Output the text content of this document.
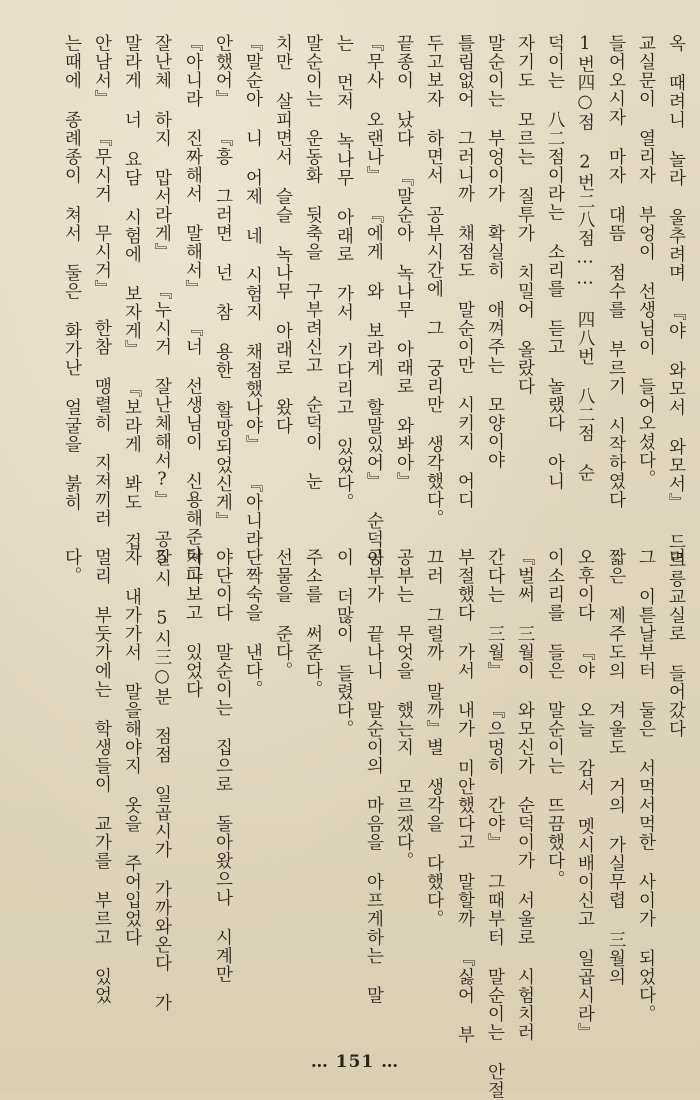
옥 때려니 놀라 울추려며 『야 와모서 와모서』 드르릉
교실문이 열리자 부엉이 선생님이 들어오셨다。
들어오시자 마자 대뜸 점수를 부르기 시작하였다
1번四○점 2번二八점…… 四八번 八二점 순
덕이는 八二점이라는 소리를 듣고 놀랬다 아니
자기도 모르는 질투가 치밀어 올랐다
말순이는 부엉이가 확실히 애껴주는 모양이야
틀림없어 그러니까 채점도 말순이만 시키지 어디
두고보자 하면서 공부시간에 그 궁리만 생각했다。
끝종이 났다 『말순아 녹나무 아래로 와봐아』
『무사 오랜나』 『에게 와 보라게 할말있어』 순덕이
는 먼저 녹나무 아래로 가서 기다리고 있었다。
말순이는 운동화 뒷축을 구부려신고 순덕이 눈
치만 살피면서 슬슬 녹나무 아래로 왔다
『말순아 니 어제 네 시험지 채점했나야』 『아니라
안했어』 『흥 그러면 넌 참 용한 할망되었신게』
『아니라 진짜해서 말해서』 『너 선생님이 신용해준다고
잘난체 하지 맙서라게』 『누시거 잘난체해서?』 공갈
말라게 너 요담 시험에 보자게』 『보라게 봐도 겁
안남서』 『무시거 무시거』 한참 맹렬히 지저끼러
는때에 종례종이 쳐서 둘은 화가난 얼굴을 붉히
며 교실로 들어갔다
그 이튿날부터 둘은 서먹서먹한 사이가 되었다。
짧은 제주도의 겨울도 거의 가실무렵 三월의
오후이다 『야 오늘 감서 멧시배이신고 일곱시라』
이소리를 들은 말순이는 뜨끔했다。
『벌써 三월이 와모신가 순덕이가 서울로 시험치러
간다는 三월』 『으멍히 간야』 그때부터 말순이는 안절
부절했다 가서 내가 미안했다고 말할까 『싫어 부
끄러 그럴까 말까』별 생각을 다했다。
공부는 무엇을 했는지 모르겠다。
공부가 끝나니 말순이의 마음을 아프게하는 말
이 더많이 들렸다。
주소를 써준다。
선물을 준다。
단짝숙을 낸다。
야단이다 말순이는 집으로 돌아왔으나 시계만
쳐다보고 있었다
5시 5시三○분 점점 일곱시가 가까와온다 가
자 내가가서 말을해야지 옷을 주어입었다
멀리 부둣가에는 학생들이 교가를 부르고 있었
다。
… 151 …
